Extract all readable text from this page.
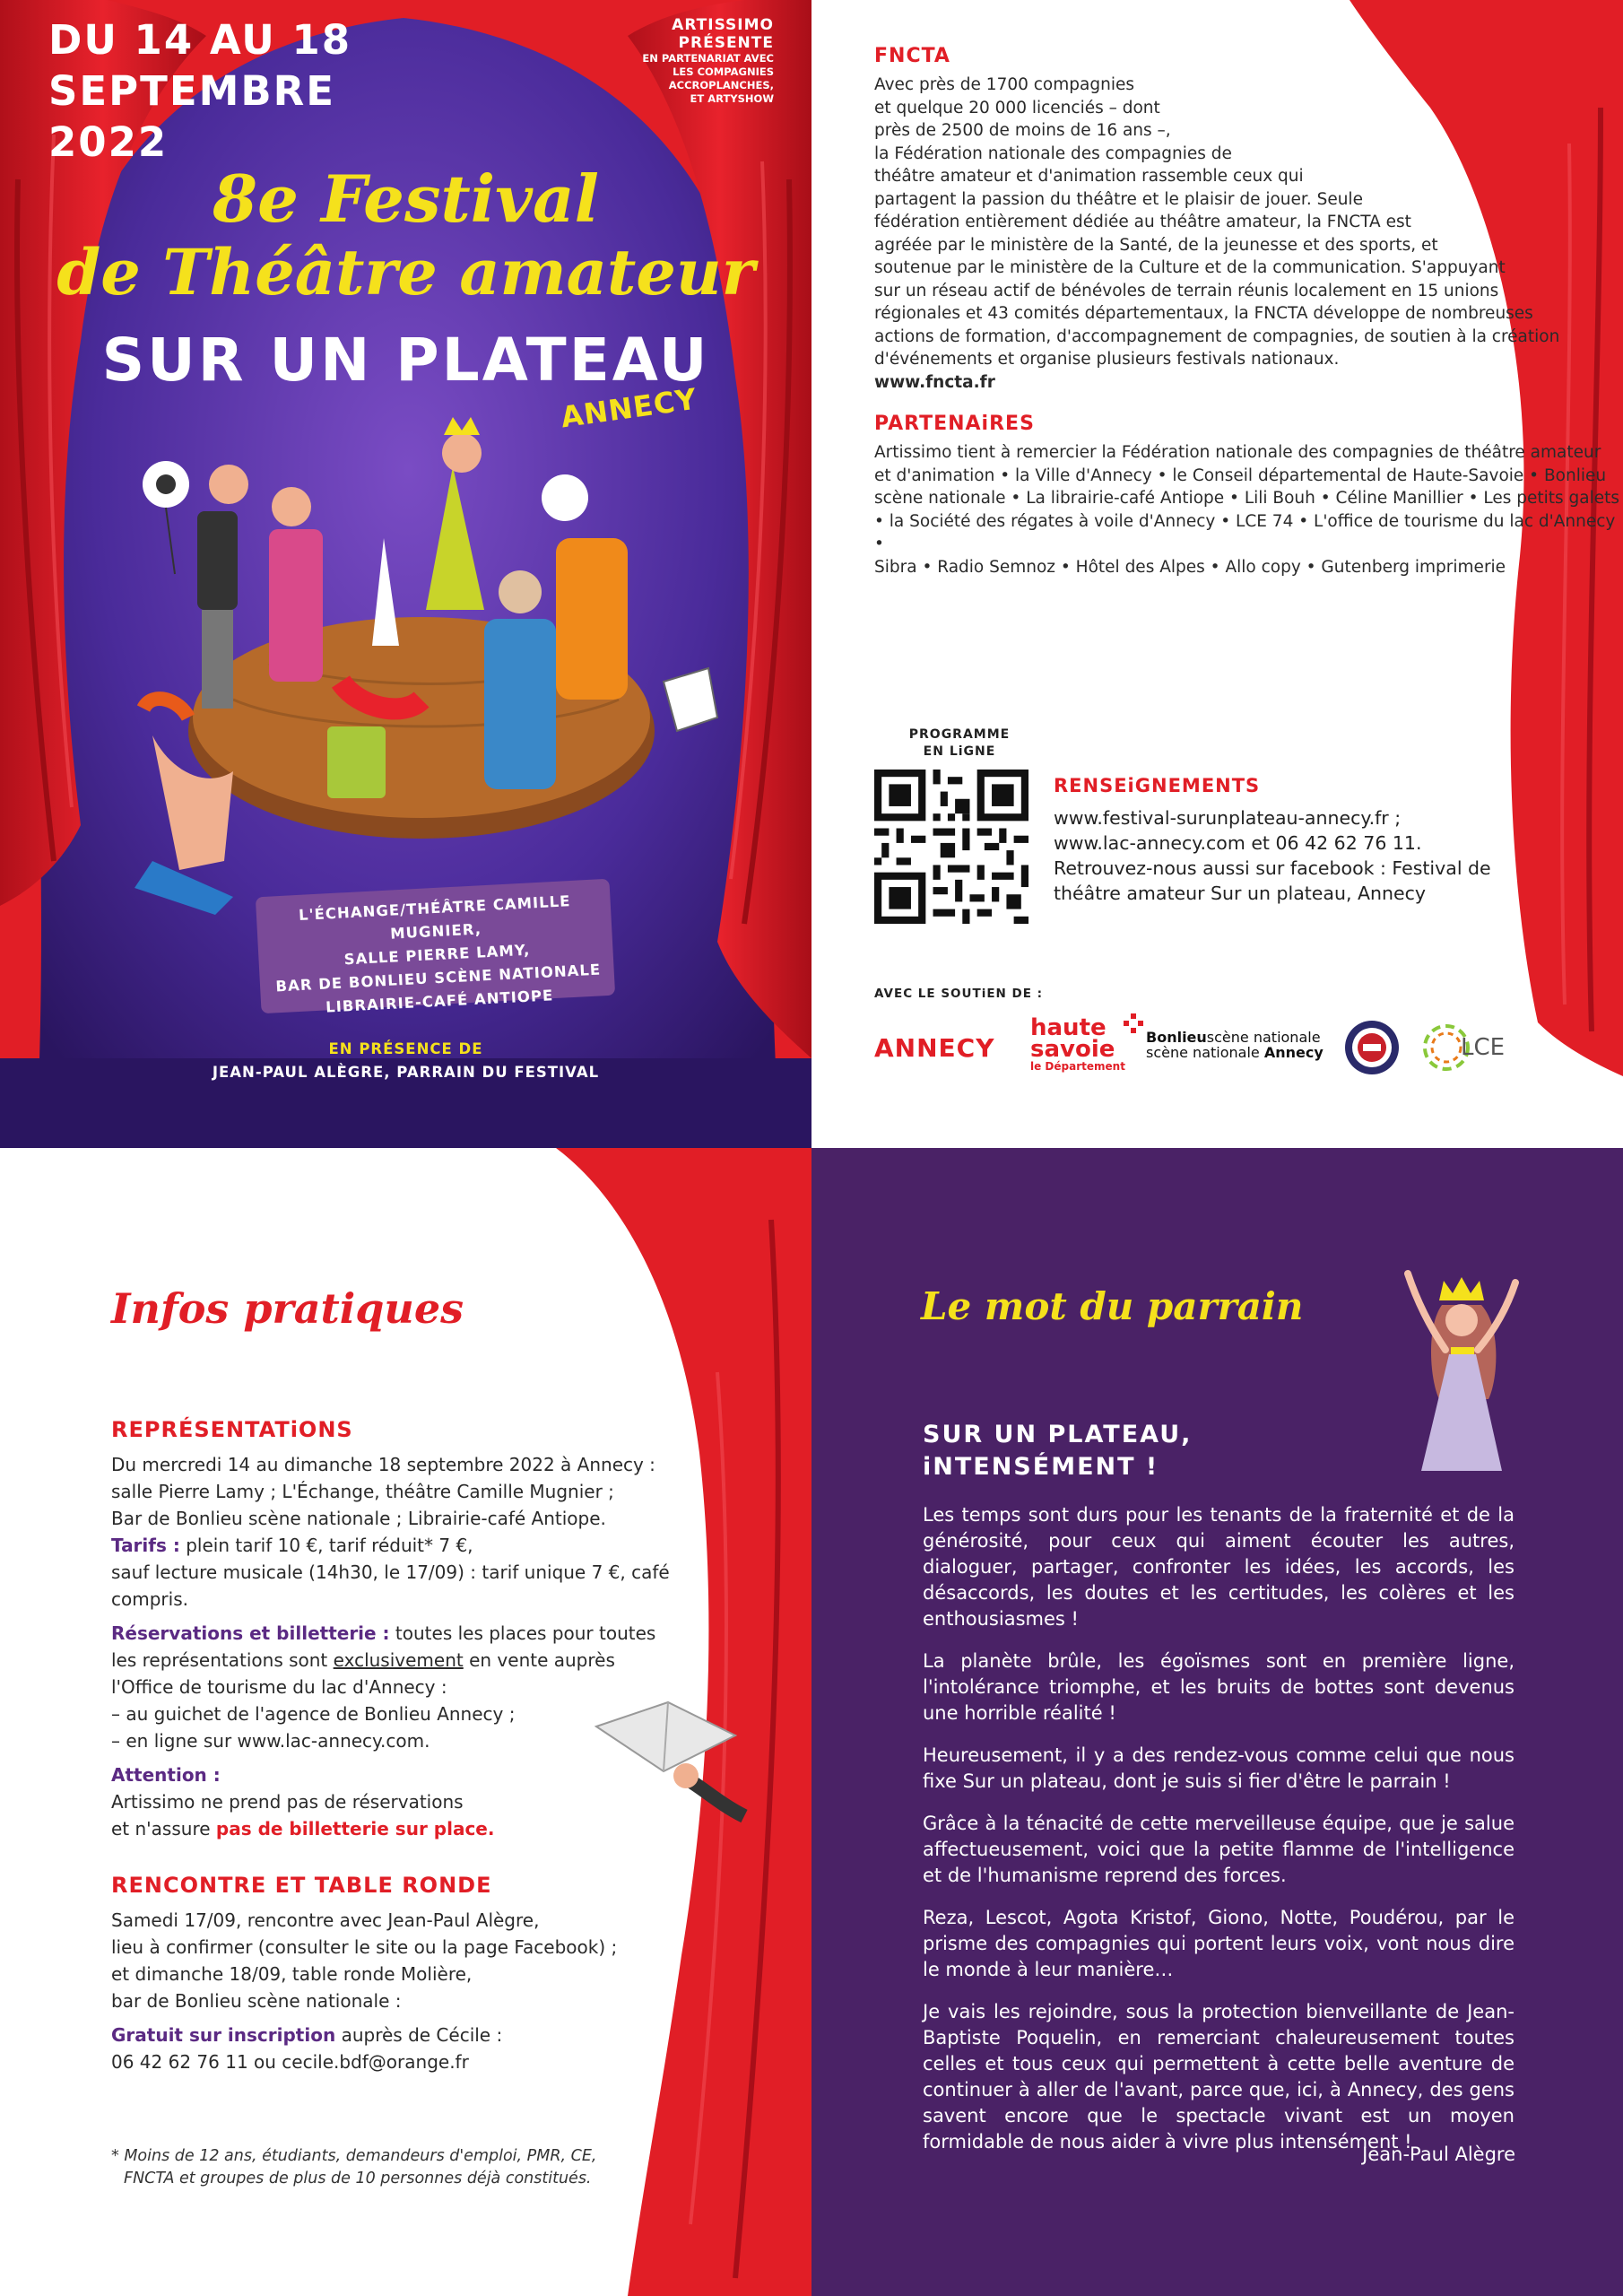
DU 14 AU 18
SEPTEMBRE
2022
ARTISSIMO
PRÉSENTE
EN PARTENARIAT AVEC
LES COMPAGNIES
ACCROPLANCHES,
ET ARTYSHOW
8e Festival
de Théâtre amateur
SUR UN PLATEAU
ANNECY
L'ÉCHANGE/THÉÂTRE CAMILLE MUGNIER,
SALLE PIERRE LAMY,
BAR DE BONLIEU SCÈNE NATIONALE
LIBRAIRIE-CAFÉ ANTIOPE
EN PRÉSENCE DE
JEAN-PAUL ALÈGRE, PARRAIN DU FESTIVAL
FNCTA
Avec près de 1700 compagnies
et quelque 20 000 licenciés – dont
près de 2500 de moins de 16 ans –,
la Fédération nationale des compagnies de
théâtre amateur et d'animation rassemble ceux qui
partagent la passion du théâtre et le plaisir de jouer. Seule
fédération entièrement dédiée au théâtre amateur, la FNCTA est
agréée par le ministère de la Santé, de la jeunesse et des sports, et
soutenue par le ministère de la Culture et de la communication. S'appuyant
sur un réseau actif de bénévoles de terrain réunis localement en 15 unions
régionales et 43 comités départementaux, la FNCTA développe de nombreuses
actions de formation, d'accompagnement de compagnies, de soutien à la création
d'événements et organise plusieurs festivals nationaux.
www.fncta.fr
PARTENAiRES
Artissimo tient à remercier la Fédération nationale des compagnies de théâtre amateur
et d'animation • la Ville d'Annecy • le Conseil départemental de Haute-Savoie • Bonlieu
scène nationale • La librairie-café Antiope • Lili Bouh • Céline Manillier • Les petits galets
• la Société des régates à voile d'Annecy • LCE 74 • L'office de tourisme du lac d'Annecy •
Sibra • Radio Semnoz • Hôtel des Alpes • Allo copy • Gutenberg imprimerie
PROGRAMME
EN LiGNE
RENSEiGNEMENTS
www.festival-surunplateau-annecy.fr ;
www.lac-annecy.com et 06 42 62 76 11.
Retrouvez-nous aussi sur facebook : Festival de
théâtre amateur Sur un plateau, Annecy
AVEC LE SOUTiEN DE :
ANNECY
haute
savoie
le Département
Bonlieuscène nationale
scène nationale Annecy	LCE
Infos pratiques
REPRÉSENTATiONS
Du mercredi 14 au dimanche 18 septembre 2022 à Annecy :
salle Pierre Lamy ; L'Échange, théâtre Camille Mugnier ;
Bar de Bonlieu scène nationale ; Librairie-café Antiope.
Tarifs : plein tarif 10 €, tarif réduit* 7 €,
sauf lecture musicale (14h30, le 17/09) : tarif unique 7 €, café compris.
Réservations et billetterie : toutes les places pour toutes
les représentations sont exclusivement en vente auprès
l'Office de tourisme du lac d'Annecy :
– au guichet de l'agence de Bonlieu Annecy ;
– en ligne sur www.lac-annecy.com.
Attention :
Artissimo ne prend pas de réservations
et n'assure pas de billetterie sur place.
RENCONTRE ET TABLE RONDE
Samedi 17/09, rencontre avec Jean-Paul Alègre,
lieu à confirmer (consulter le site ou la page Facebook) ;
et dimanche 18/09, table ronde Molière,
bar de Bonlieu scène nationale :
Gratuit sur inscription auprès de Cécile :
06 42 62 76 11 ou cecile.bdf@orange.fr
* Moins de 12 ans, étudiants, demandeurs d'emploi, PMR, CE,
FNCTA et groupes de plus de 10 personnes déjà constitués.
Le mot du parrain
SUR UN PLATEAU,
iNTENSÉMENT !

Les temps sont durs pour les tenants de la fraternité et de la générosité, pour ceux qui aiment écouter les autres, dialoguer, partager, confronter les idées, les accords, les désaccords, les doutes et les certitudes, les colères et les enthousiasmes !

La planète brûle, les égoïsmes sont en première ligne, l'intolérance triomphe, et les bruits de bottes sont devenus une horrible réalité !

Heureusement, il y a des rendez-vous comme celui que nous fixe Sur un plateau, dont je suis si fier d'être le parrain !

Grâce à la ténacité de cette merveilleuse équipe, que je salue affectueusement, voici que la petite flamme de l'intelligence et de l'humanisme reprend des forces.

Reza, Lescot, Agota Kristof, Giono, Notte, Poudérou, par le prisme des compagnies qui portent leurs voix, vont nous dire le monde à leur manière…

Je vais les rejoindre, sous la protection bienveillante de Jean-Baptiste Poquelin, en remerciant chaleureusement toutes celles et tous ceux qui permettent à cette belle aventure de continuer à aller de l'avant, parce que, ici, à Annecy, des gens savent encore que le spectacle vivant est un moyen formidable de nous aider à vivre plus intensément !

Jean-Paul Alègre
